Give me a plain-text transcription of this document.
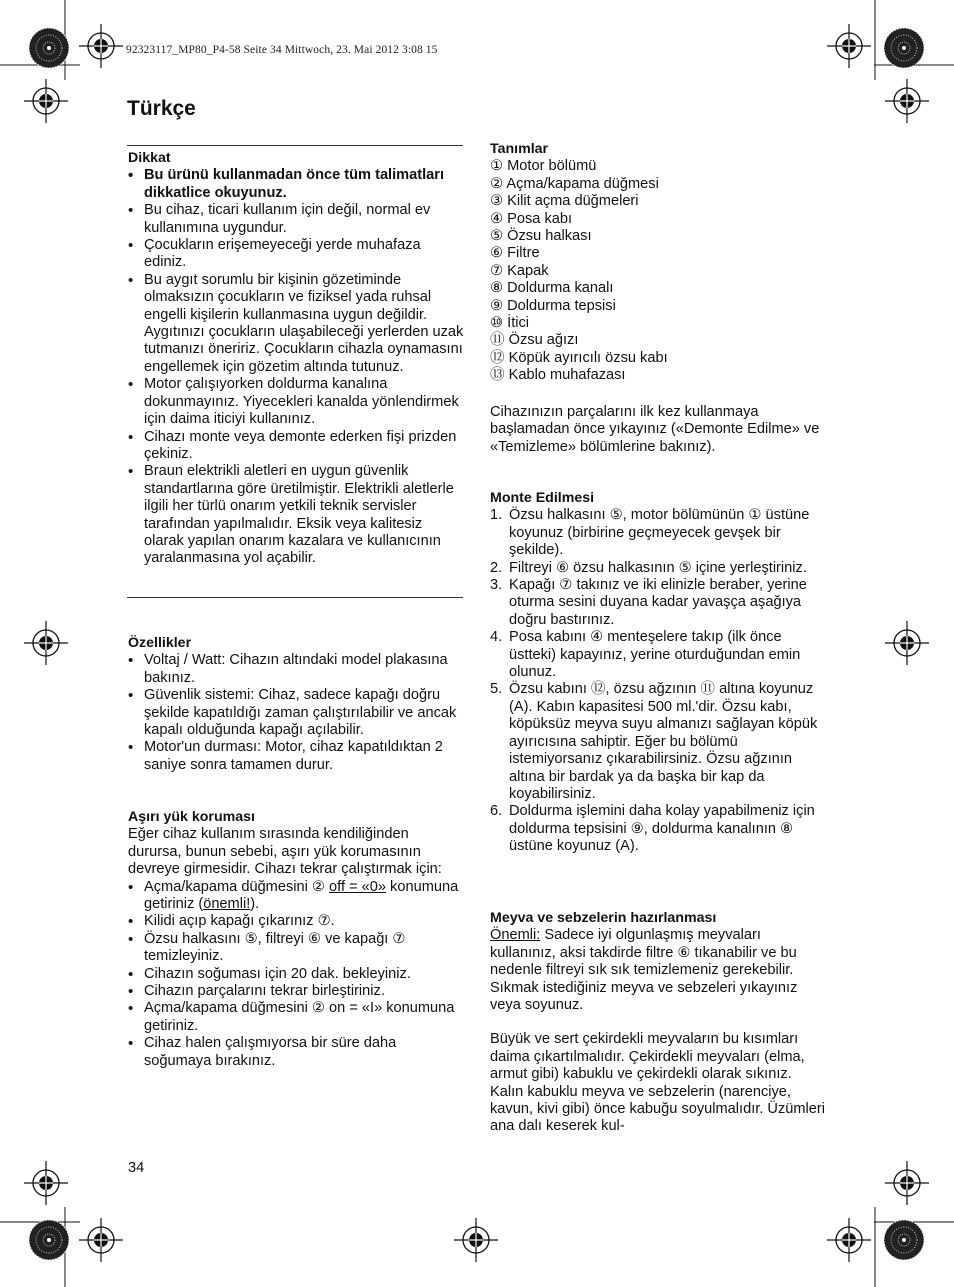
92323117_MP80_P4-58 Seite 34 Mittwoch, 23. Mai 2012 3:08 15
Türkçe

Dikkat

• Bu ürünü kullanmadan önce tüm talimatları dikkatlice okuyunuz.
• Bu cihaz, ticari kullanım için değil, normal ev kullanımına uygundur.
• Çocukların erişemeyeceği yerde muhafaza ediniz.
• Bu aygıt sorumlu bir kişinin gözetiminde olmaksızın çocukların ve fiziksel yada ruhsal engelli kişilerin kullanmasına uygun değildir. Aygıtınızı çocukların ulaşabileceği yerlerden uzak tutmanızı öneririz. Çocukların cihazla oynamasını engellemek için gözetim altında tutunuz.
• Motor çalışıyorken doldurma kanalına dokunmayınız. Yiyecekleri kanalda yönlendirmek için daima iticiyi kullanınız.
• Cihazı monte veya demonte ederken fişi prizden çekiniz.
• Braun elektrikli aletleri en uygun güvenlik standartlarına göre üretilmiştir. Elektrikli aletlerle ilgili her türlü onarım yetkili teknik servisler tarafından yapılmalıdır. Eksik veya kalitesiz olarak yapılan onarım kazalara ve kullanıcının yaralanmasına yol açabilir.

Özellikler

• Voltaj / Watt: Cihazın altındaki model plakasına bakınız.
• Güvenlik sistemi: Cihaz, sadece kapağı doğru şekilde kapatıldığı zaman çalıştırılabilir ve ancak kapalı olduğunda kapağı açılabilir.
• Motor'un durması: Motor, cihaz kapatıldıktan 2 saniye sonra tamamen durur.

Aşırı yük koruması

Eğer cihaz kullanım sırasında kendiliğinden durursa, bunun sebebi, aşırı yük korumasının devreye girmesidir. Cihazı tekrar çalıştırmak için:

• Açma/kapama düğmesini ② off = «0» konumuna getiriniz (önemli!).
• Kilidi açıp kapağı çıkarınız ⑦.
• Özsu halkasını ⑤, filtreyi ⑥ ve kapağı ⑦ temizleyiniz.
• Cihazın soğuması için 20 dak. bekleyiniz.
• Cihazın parçalarını tekrar birleştiriniz.
• Açma/kapama düğmesini ② on = «I» konumuna getiriniz.
• Cihaz halen çalışmıyorsa bir süre daha soğumaya bırakınız.

Tanımlar

① Motor bölümü
② Açma/kapama düğmesi
③ Kilit açma düğmeleri
④ Posa kabı
⑤ Özsu halkası
⑥ Filtre
⑦ Kapak
⑧ Doldurma kanalı
⑨ Doldurma tepsisi
⑩ İtici
⑪ Özsu ağızı
⑫ Köpük ayırıcılı özsu kabı
⑬ Kablo muhafazası

Cihazınızın parçalarını ilk kez kullanmaya başlamadan önce yıkayınız («Demonte Edilme» ve «Temizleme» bölümlerine bakınız).

Monte Edilmesi

1. Özsu halkasını ⑤, motor bölümünün ① üstüne koyunuz (birbirine geçmeyecek gevşek bir şekilde).
2. Filtreyi ⑥ özsu halkasının ⑤ içine yerleştiriniz.
3. Kapağı ⑦ takınız ve iki elinizle beraber, yerine oturma sesini duyana kadar yavaşça aşağıya doğru bastırınız.
4. Posa kabını ④ menteşelere takıp (ilk önce üstteki) kapayınız, yerine oturduğundan emin olunuz.
5. Özsu kabını ⑫, özsu ağzının ⑪ altına koyunuz (A). Kabın kapasitesi 500 ml.'dir. Özsu kabı, köpüksüz meyva suyu almanızı sağlayan köpük ayırıcısına sahiptir. Eğer bu bölümü istemiyorsanız çıkarabilirsiniz. Özsu ağzının altına bir bardak ya da başka bir kap da koyabilirsiniz.
6. Doldurma işlemini daha kolay yapabilmeniz için doldurma tepsisini ⑨, doldurma kanalının ⑧ üstüne koyunuz (A).

Meyva ve sebzelerin hazırlanması

Önemli: Sadece iyi olgunlaşmış meyvaları kullanınız, aksi takdirde filtre ⑥ tıkanabilir ve bu nedenle filtreyi sık sık temizlemeniz gerekebilir. Sıkmak istediğiniz meyva ve sebzeleri yıkayınız veya soyunuz.

Büyük ve sert çekirdekli meyvaların bu kısımları daima çıkartılmalıdır. Çekirdekli meyvaları (elma, armut gibi) kabuklu ve çekirdekli olarak sıkınız. Kalın kabuklu meyva ve sebzelerin (narenciye, kavun, kivi gibi) önce kabuğu soyulmalıdır. Üzümleri ana dalı keserek kul-

34
